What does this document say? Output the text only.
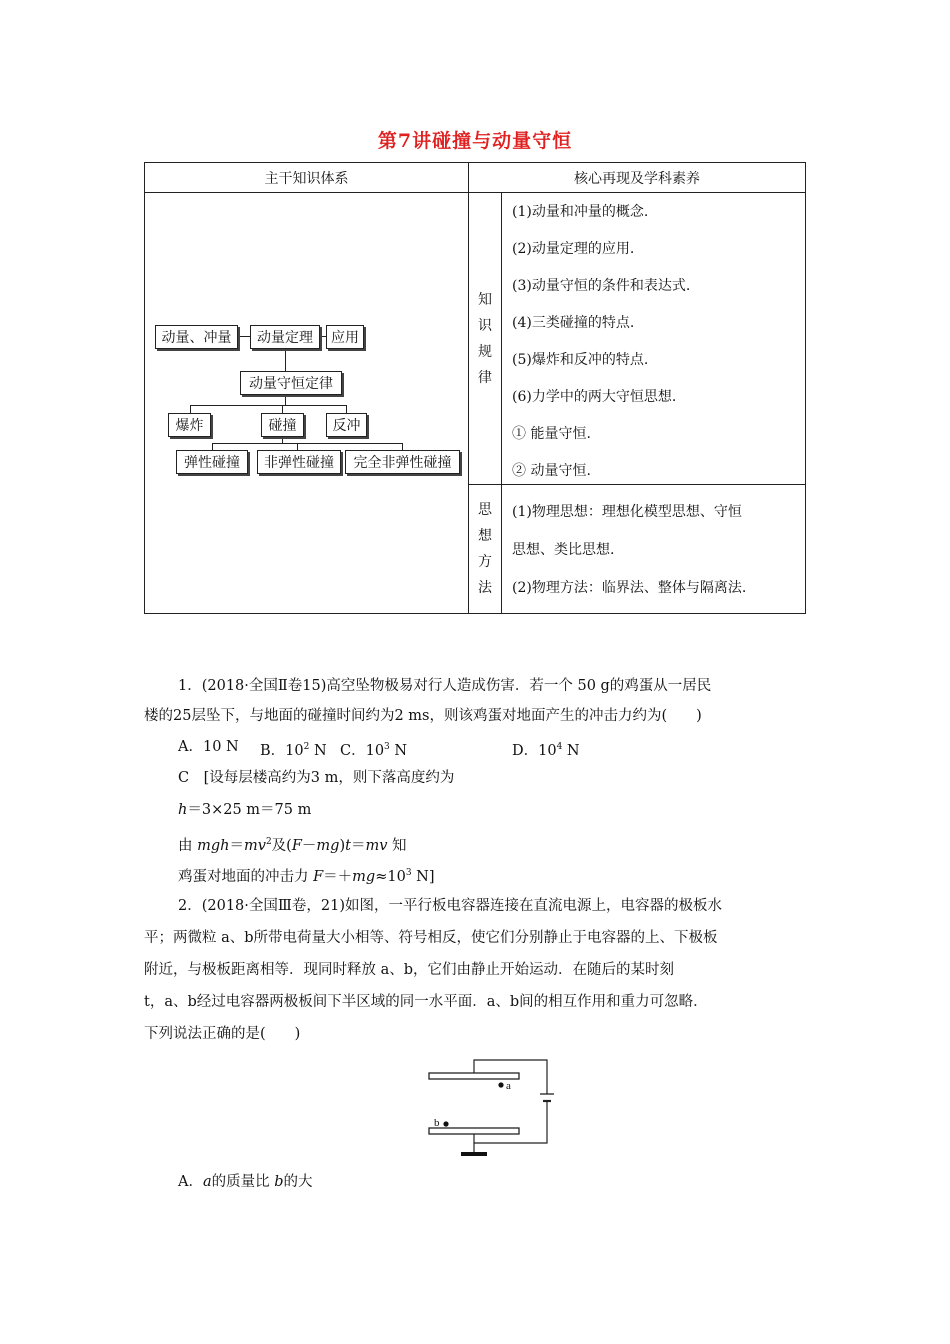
第7讲碰撞与动量守恒
主干知识体系	核心再现及学科素养
知
识
规
律
(1)动量和冲量的概念.
(2)动量定理的应用.
(3)动量守恒的条件和表达式.
(4)三类碰撞的特点.
(5)爆炸和反冲的特点.
(6)力学中的两大守恒思想.
① 能量守恒.
② 动量守恒.
思
想
方
法
(1)物理思想：理想化模型思想、守恒
思想、类比思想.
(2)物理方法：临界法、整体与隔离法.
动量、冲量	动量定理	应用
动量守恒定律
爆炸	碰撞	反冲
弹性碰撞	非弹性碰撞	完全非弹性碰撞
1．(2018·全国Ⅱ卷15)高空坠物极易对行人造成伤害．若一个 50 g的鸡蛋从一居民
楼的25层坠下，与地面的碰撞时间约为2 ms，则该鸡蛋对地面产生的冲击力约为(　　)
A．10 N B．$10^2$ N C．$10^3$ N	D．$10^4$ N
C　[设每层楼高约为3 m，则下落高度约为
h＝3×25 m＝75 m
由 $mgh=mv^2$及(F－mg)t＝mv 知
鸡蛋对地面的冲击力 $F=+mg\approx 10^3$ N]
2．(2018·全国Ⅲ卷，21)如图，一平行板电容器连接在直流电源上，电容器的极板水
平；两微粒 a、b所带电荷量大小相等、符号相反，使它们分别静止于电容器的上、下极板
附近，与极板距离相等．现同时释放 a、b，它们由静止开始运动．在随后的某时刻
t，a、b经过电容器两极板间下半区域的同一水平面．a、b间的相互作用和重力可忽略．
下列说法正确的是(　　)
a
b
A．a的质量比 b的大
